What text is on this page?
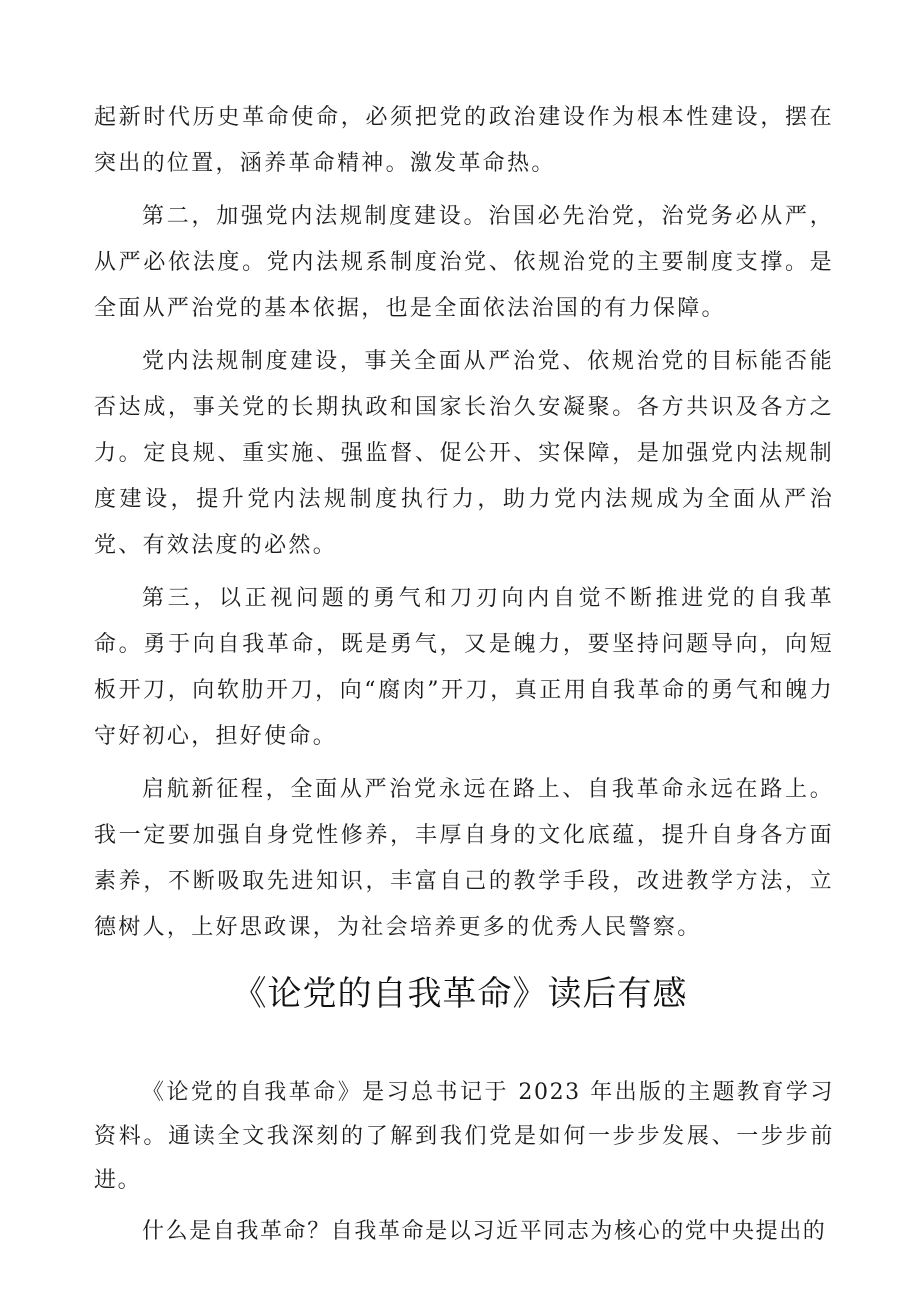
起新时代历史革命使命，必须把党的政治建设作为根本性建设，摆在突出的位置，涵养革命精神。激发革命热。

第二，加强党内法规制度建设。治国必先治党，治党务必从严，从严必依法度。党内法规系制度治党、依规治党的主要制度支撑。是全面从严治党的基本依据，也是全面依法治国的有力保障。

党内法规制度建设，事关全面从严治党、依规治党的目标能否能否达成，事关党的长期执政和国家长治久安凝聚。各方共识及各方之力。定良规、重实施、强监督、促公开、实保障，是加强党内法规制度建设，提升党内法规制度执行力，助力党内法规成为全面从严治党、有效法度的必然。

第三，以正视问题的勇气和刀刃向内自觉不断推进党的自我革命。勇于向自我革命，既是勇气，又是魄力，要坚持问题导向，向短板开刀，向软肋开刀，向“腐肉”开刀，真正用自我革命的勇气和魄力守好初心，担好使命。

启航新征程，全面从严治党永远在路上、自我革命永远在路上。我一定要加强自身党性修养，丰厚自身的文化底蕴，提升自身各方面素养，不断吸取先进知识，丰富自己的教学手段，改进教学方法，立德树人，上好思政课，为社会培养更多的优秀人民警察。

《论党的自我革命》读后有感

《论党的自我革命》是习总书记于 2023 年出版的主题教育学习资料。通读全文我深刻的了解到我们党是如何一步步发展、一步步前进。

什么是自我革命？自我革命是以习近平同志为核心的党中央提出的
